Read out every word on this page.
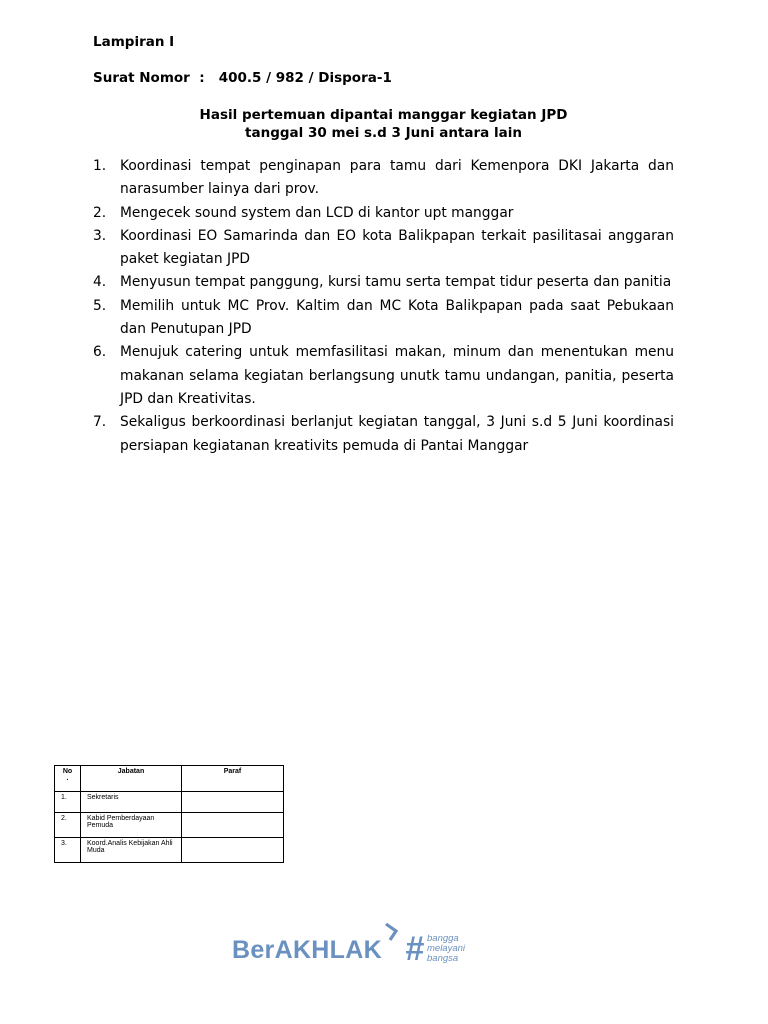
Lampiran I
Surat Nomor  :   400.5 / 982 / Dispora-1
Hasil pertemuan dipantai manggar kegiatan JPD
tanggal 30 mei s.d 3 Juni antara lain
1. Koordinasi tempat penginapan para tamu dari Kemenpora DKI Jakarta dan narasumber lainya dari prov.
2. Mengecek sound system dan LCD di kantor upt manggar
3. Koordinasi EO Samarinda dan EO kota Balikpapan terkait pasilitasai anggaran paket kegiatan JPD
4. Menyusun tempat panggung, kursi tamu serta tempat tidur peserta dan panitia
5. Memilih untuk MC Prov. Kaltim dan MC Kota Balikpapan pada saat Pebukaan dan Penutupan JPD
6. Menujuk catering untuk memfasilitasi makan, minum dan menentukan menu makanan selama kegiatan berlangsung unutk tamu undangan, panitia, peserta JPD dan Kreativitas.
7. Sekaligus berkoordinasi berlanjut kegiatan tanggal, 3 Juni s.d 5 Juni koordinasi persiapan kegiatanan kreativits pemuda di Pantai Manggar
No
.	Jabatan	Paraf
1.	Sekretaris	
2.	Kabid Pemberdayaan Pemuda	
3.	Koord.Analis Kebijakan Ahli Muda	
BerAKHLAK # bangga
melayani
bangsa
